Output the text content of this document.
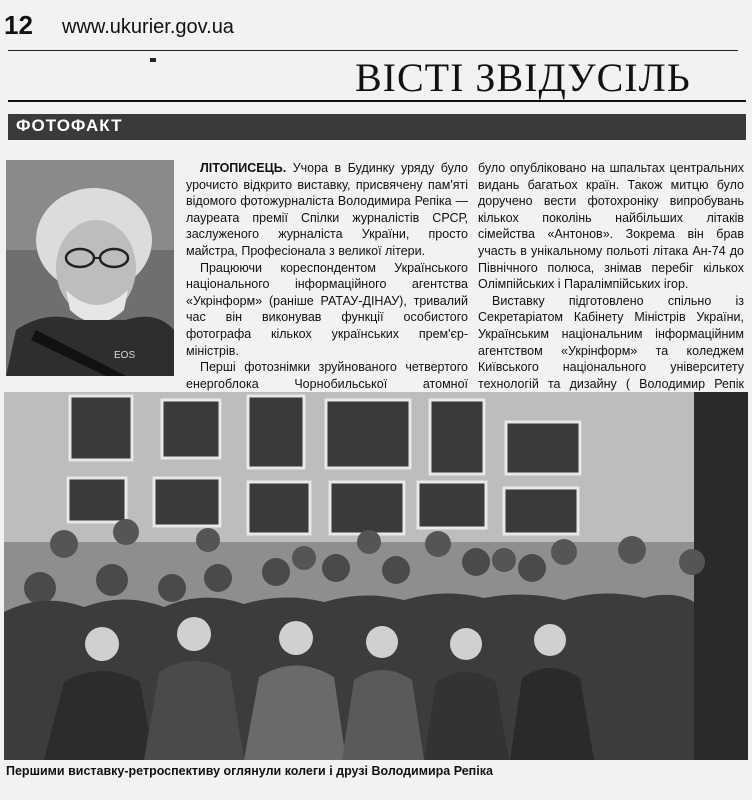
12 www.ukurier.gov.ua
ВІСТІ ЗВІДУСІЛЬ
ФОТОФАКТ
EOS

ЛІТОПИСЕЦЬ. Учора в Будинку уряду було урочисто відкрито виставку, присвячену пам'яті відомого фотожурналіста Володимира Репіка — лауреата премії Спілки журналістів СРСР, заслуженого журналіста України, просто майстра, Професіонала з великої літери.

Працюючи кореспондентом Українського національного інформаційного агентства «Укрінформ» (раніше РАТАУ-ДІНАУ), тривалий час він виконував функції особистого фотографа кількох українських прем'єр-міністрів.

Перші фотознімки зруйнованого четвертого енергоблока Чорнобильської атомної

було опубліковано на шпальтах центральних видань багатьох країн. Також митцю було доручено вести фотохроніку випробувань кількох поколінь найбільших літаків сімейства «Антонов». Зокрема він брав участь в унікальному польоті літака Ан-74 до Північного полюса, знімав перебіг кількох Олімпійських і Паралімпійських ігор.

Виставку підготовлено спільно із Секретаріатом Кабінету Міністрів України, Українським національним інформаційним агентством «Укрінформ» та коледжем Київського національного університету технологій та дизайну ( Володимир Репік

Першими виставку-ретроспективу оглянули колеги і друзі Володимира Репіка
